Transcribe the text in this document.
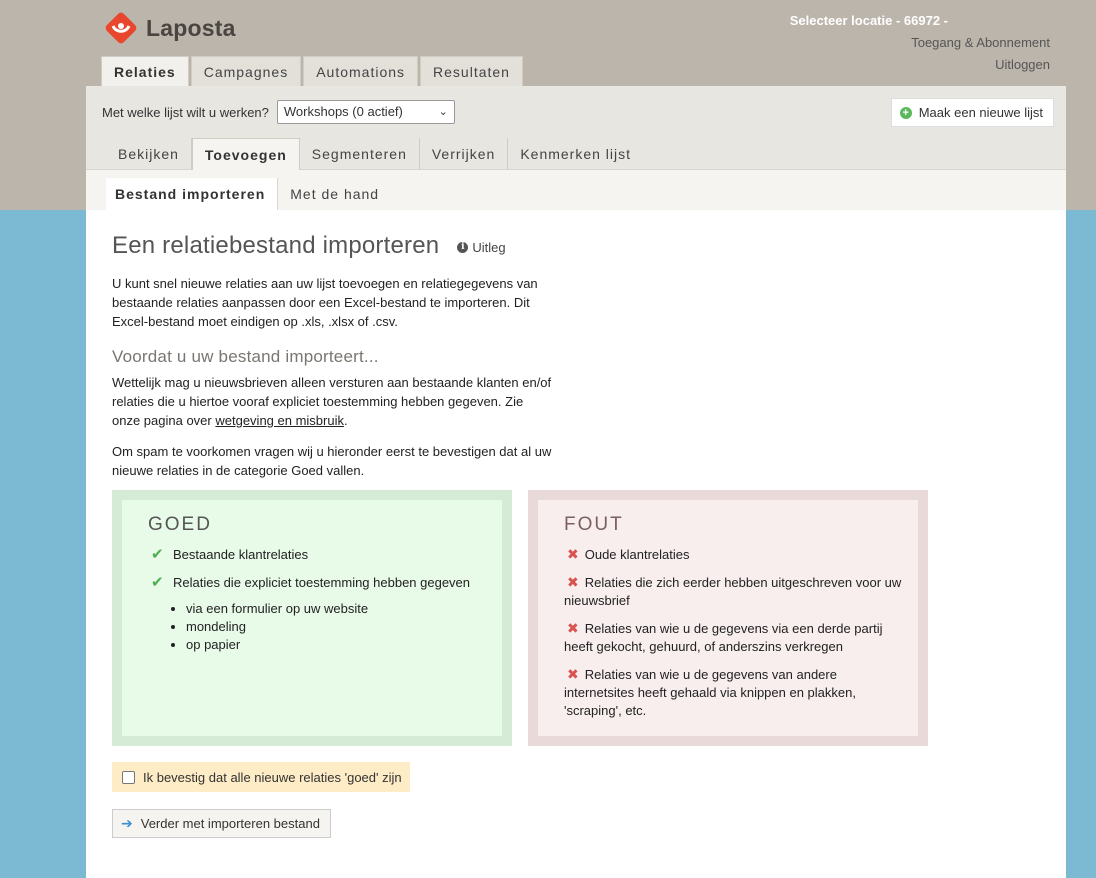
Laposta	Selecteer locatie - 66972 -
Toegang & Abonnement
Uitloggen
Relaties	Campagnes	Automations	Resultaten
Met welke lijst wilt u werken?	Workshops (0 actief)	⌄	+ Maak een nieuwe lijst
Bekijken	Toevoegen	Segmenteren	Verrijken	Kenmerken lijst
Bestand importeren	Met de hand
Een relatiebestand importeren	i Uitleg

U kunt snel nieuwe relaties aan uw lijst toevoegen en relatiegegevens van bestaande relaties aanpassen door een Excel-bestand te importeren. Dit Excel-bestand moet eindigen op .xls, .xlsx of .csv.

Voordat u uw bestand importeert...

Wettelijk mag u nieuwsbrieven alleen versturen aan bestaande klanten en/of relaties die u hiertoe vooraf expliciet toestemming hebben gegeven. Zie onze pagina over wetgeving en misbruik.

Om spam te voorkomen vragen wij u hieronder eerst te bevestigen dat al uw nieuwe relaties in de categorie Goed vallen.

GOED
✔ Bestaande klantrelaties
✔ Relaties die expliciet toestemming hebben gegeven
• via een formulier op uw website
• mondeling
• op papier
FOUT
✖ Oude klantrelaties
✖ Relaties die zich eerder hebben uitgeschreven voor uw nieuwsbrief
✖ Relaties van wie u de gegevens via een derde partij heeft gekocht, gehuurd, of anderszins verkregen
✖ Relaties van wie u de gegevens van andere internetsites heeft gehaald via knippen en plakken, 'scraping', etc.
Ik bevestig dat alle nieuwe relaties 'goed' zijn
➔ Verder met importeren bestand
